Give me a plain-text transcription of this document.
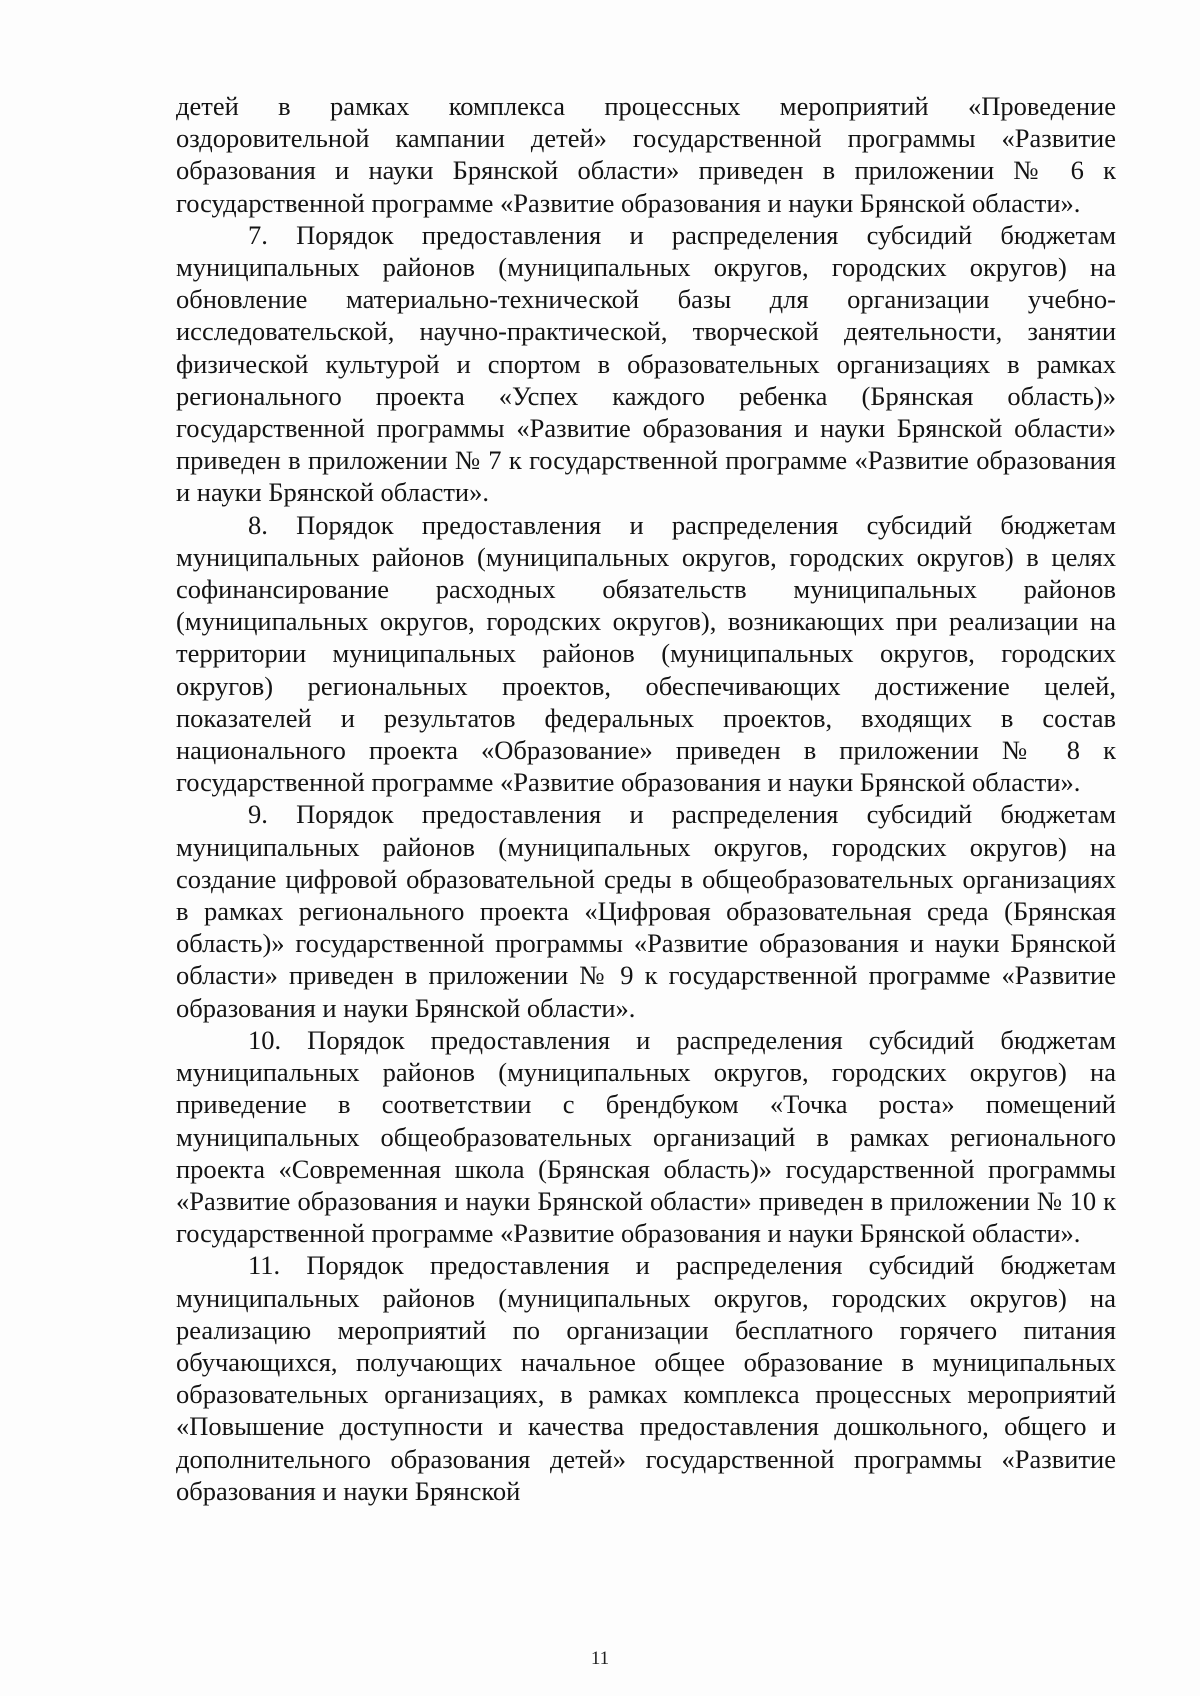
детей в рамках комплекса процессных мероприятий «Проведение оздоровительной кампании детей» государственной программы «Развитие образования и науки Брянской области» приведен в приложении № 6 к государственной программе «Развитие образования и науки Брянской области».

7. Порядок предоставления и распределения субсидий бюджетам муниципальных районов (муниципальных округов, городских округов) на обновление материально-технической базы для организации учебно-исследовательской, научно-практической, творческой деятельности, занятии физической культурой и спортом в образовательных организациях в рамках регионального проекта «Успех каждого ребенка (Брянская область)» государственной программы «Развитие образования и науки Брянской области» приведен в приложении № 7 к государственной программе «Развитие образования и науки Брянской области».

8. Порядок предоставления и распределения субсидий бюджетам муниципальных районов (муниципальных округов, городских округов) в целях софинансирование расходных обязательств муниципальных районов (муниципальных округов, городских округов), возникающих при реализации на территории муниципальных районов (муниципальных округов, городских округов) региональных проектов, обеспечивающих достижение целей, показателей и результатов федеральных проектов, входящих в состав национального проекта «Образование» приведен в приложении № 8 к государственной программе «Развитие образования и науки Брянской области».

9. Порядок предоставления и распределения субсидий бюджетам муниципальных районов (муниципальных округов, городских округов) на создание цифровой образовательной среды в общеобразовательных организациях в рамках регионального проекта «Цифровая образовательная среда (Брянская область)» государственной программы «Развитие образования и науки Брянской области» приведен в приложении № 9 к государственной программе «Развитие образования и науки Брянской области».

10. Порядок предоставления и распределения субсидий бюджетам муниципальных районов (муниципальных округов, городских округов) на приведение в соответствии с брендбуком «Точка роста» помещений муниципальных общеобразовательных организаций в рамках регионального проекта «Современная школа (Брянская область)» государственной программы «Развитие образования и науки Брянской области» приведен в приложении № 10 к государственной программе «Развитие образования и науки Брянской области».

11. Порядок предоставления и распределения субсидий бюджетам муниципальных районов (муниципальных округов, городских округов) на реализацию мероприятий по организации бесплатного горячего питания обучающихся, получающих начальное общее образование в муниципальных образовательных организациях, в рамках комплекса процессных мероприятий «Повышение доступности и качества предоставления дошкольного, общего и дополнительного образования детей» государственной программы «Развитие образования и науки Брянской

11
